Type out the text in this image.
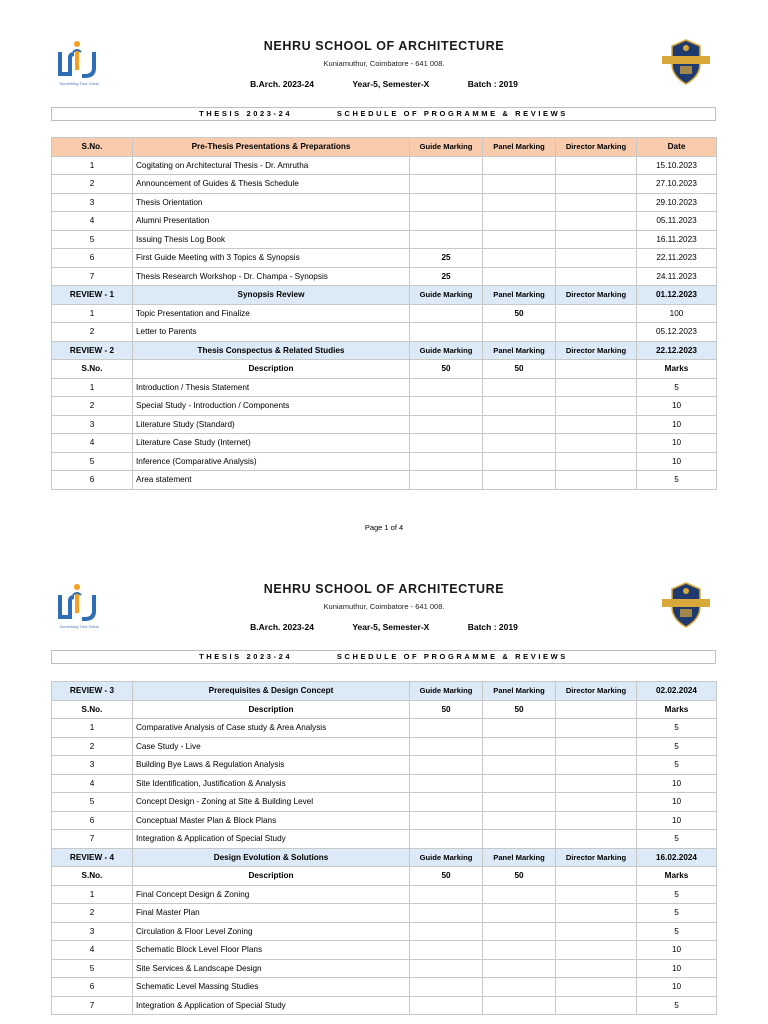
Something True Great
NEHRU SCHOOL OF ARCHITECTURE
Kuniamuthur, Coimbatore - 641 008.
B.Arch. 2023-24	Year-5, Semester-X	Batch : 2019
THESIS 2023-24	SCHEDULE OF PROGRAMME & REVIEWS
S.No.	Pre-Thesis Presentations & Preparations	Guide Marking	Panel Marking	Director Marking	Date
1	Cogitating on Architectural Thesis - Dr. Amrutha				15.10.2023
2	Announcement of Guides & Thesis Schedule				27.10.2023
3	Thesis Orientation				29.10.2023
4	Alumni Presentation				05.11.2023
5	Issuing Thesis Log Book				16.11.2023
6	First Guide Meeting with 3 Topics & Synopsis	25			22.11.2023
7	Thesis Research Workshop - Dr. Champa - Synopsis	25			24.11.2023
REVIEW - 1	Synopsis Review	Guide Marking	Panel Marking	Director Marking	01.12.2023
1	Topic Presentation and Finalize		50		100
2	Letter to Parents				05.12.2023
REVIEW - 2	Thesis Conspectus & Related Studies	Guide Marking	Panel Marking	Director Marking	22.12.2023
S.No.	Description	50	50		Marks
1	Introduction / Thesis Statement				5
2	Special Study - Introduction / Components				10
3	Literature Study (Standard)				10
4	Literature Case Study (Internet)				10
5	Inference (Comparative Analysis)				10
6	Area statement				5
Page 1 of 4
Something True Great
NEHRU SCHOOL OF ARCHITECTURE
Kuniamuthur, Coimbatore - 641 008.
B.Arch. 2023-24	Year-5, Semester-X	Batch : 2019
THESIS 2023-24	SCHEDULE OF PROGRAMME & REVIEWS
REVIEW - 3	Prerequisites & Design Concept	Guide Marking	Panel Marking	Director Marking	02.02.2024
S.No.	Description	50	50		Marks
1	Comparative Analysis of Case study & Area Analysis				5
2	Case Study - Live				5
3	Building Bye Laws & Regulation Analysis				5
4	Site Identification, Justification & Analysis				10
5	Concept Design - Zoning at Site & Building Level				10
6	Conceptual Master Plan & Block Plans				10
7	Integration & Application of Special Study				5
REVIEW - 4	Design Evolution & Solutions	Guide Marking	Panel Marking	Director Marking	16.02.2024
S.No.	Description	50	50		Marks
1	Final Concept Design & Zoning				5
2	Final Master Plan				5
3	Circulation & Floor Level Zoning				5
4	Schematic Block Level Floor Plans				10
5	Site Services & Landscape Design				10
6	Schematic Level Massing Studies				10
7	Integration & Application of Special Study				5
